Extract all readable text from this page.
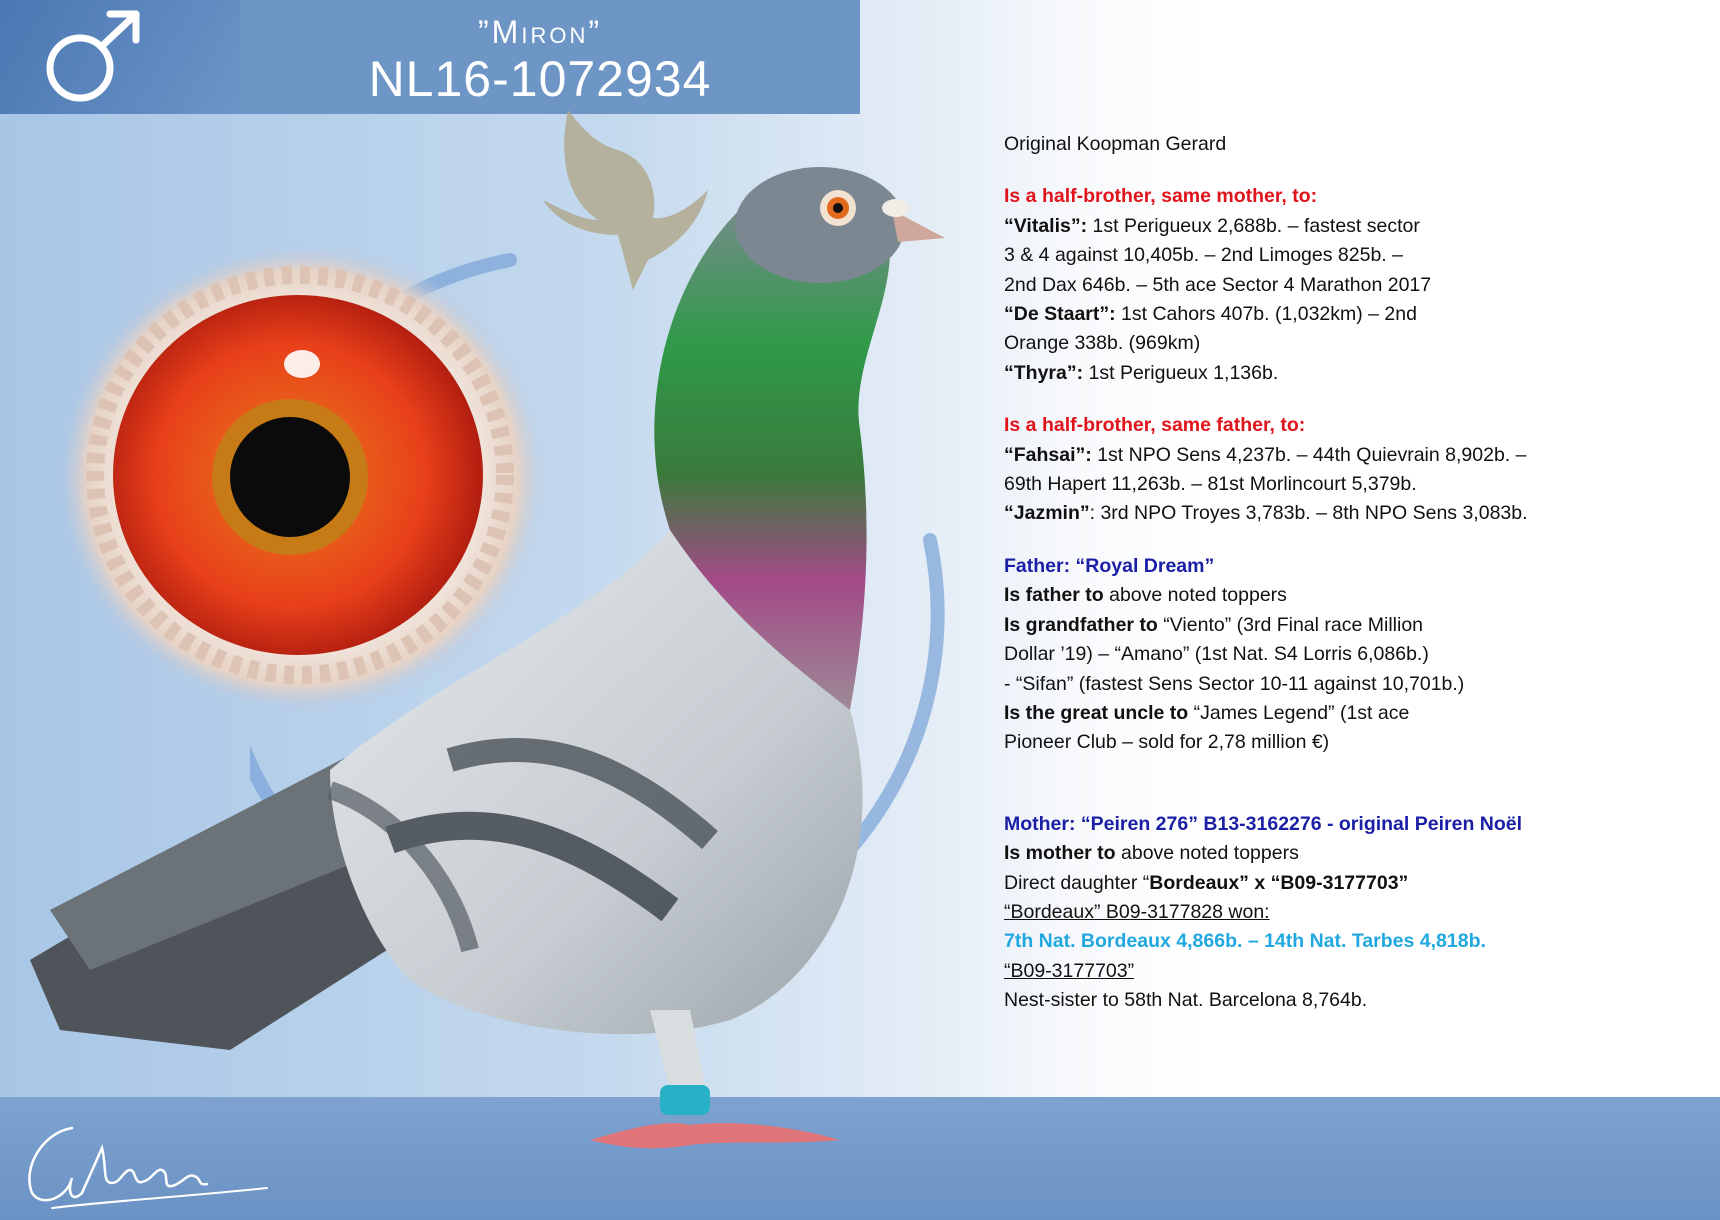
”Miron”
NL16-1072934
Original Koopman Gerard
Is a half-brother, same mother, to:
“Vitalis”: 1st Perigueux 2,688b. – fastest sector
3 & 4 against 10,405b. – 2nd Limoges 825b. –
2nd Dax 646b. – 5th ace Sector 4 Marathon 2017
“De Staart”: 1st Cahors 407b. (1,032km) – 2nd
Orange 338b. (969km)
“Thyra”: 1st Perigueux 1,136b.
Is a half-brother, same father, to:
“Fahsai”: 1st NPO Sens 4,237b. – 44th Quievrain 8,902b. –
69th Hapert 11,263b. – 81st Morlincourt 5,379b.
“Jazmin”: 3rd NPO Troyes 3,783b. – 8th NPO Sens 3,083b.
Father: “Royal Dream”
Is father to above noted toppers
Is grandfather to “Viento” (3rd Final race Million
Dollar ’19) – “Amano” (1st Nat. S4 Lorris 6,086b.)
- “Sifan” (fastest Sens Sector 10-11 against 10,701b.)
Is the great uncle to “James Legend” (1st ace
Pioneer Club – sold for 2,78 million €)
Mother: “Peiren 276” B13-3162276 - original Peiren Noël
Is mother to above noted toppers
Direct daughter “Bordeaux” x “B09-3177703”
“Bordeaux” B09-3177828 won:
7th Nat. Bordeaux 4,866b. – 14th Nat. Tarbes 4,818b.
“B09-3177703”
Nest-sister to 58th Nat. Barcelona 8,764b.
